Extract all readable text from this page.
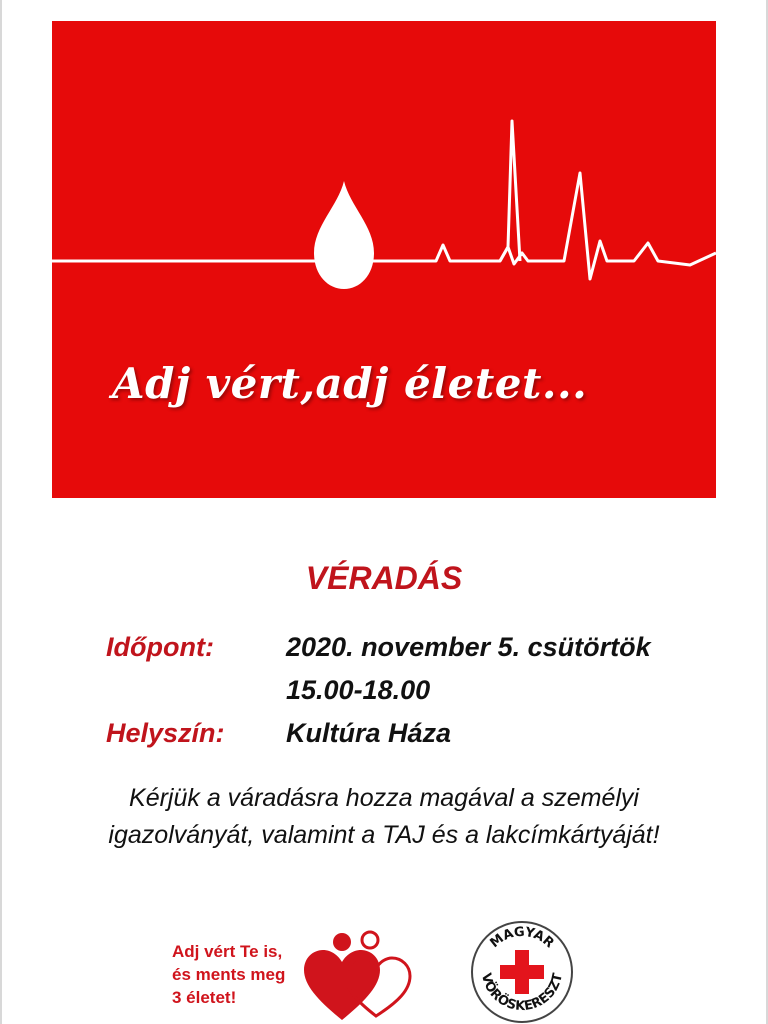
Adj vért,adj életet...
VÉRADÁS
Időpont:	2020. november 5. csütörtök
15.00-18.00
Helyszín: Kultúra Háza
Kérjük a váradásra hozza magával a személyi
igazolványát, valamint a TAJ és a lakcímkártyáját!
Adj vért Te is,
és ments meg
3 életet!
MAGYAR
VÖRÖSKERESZT
